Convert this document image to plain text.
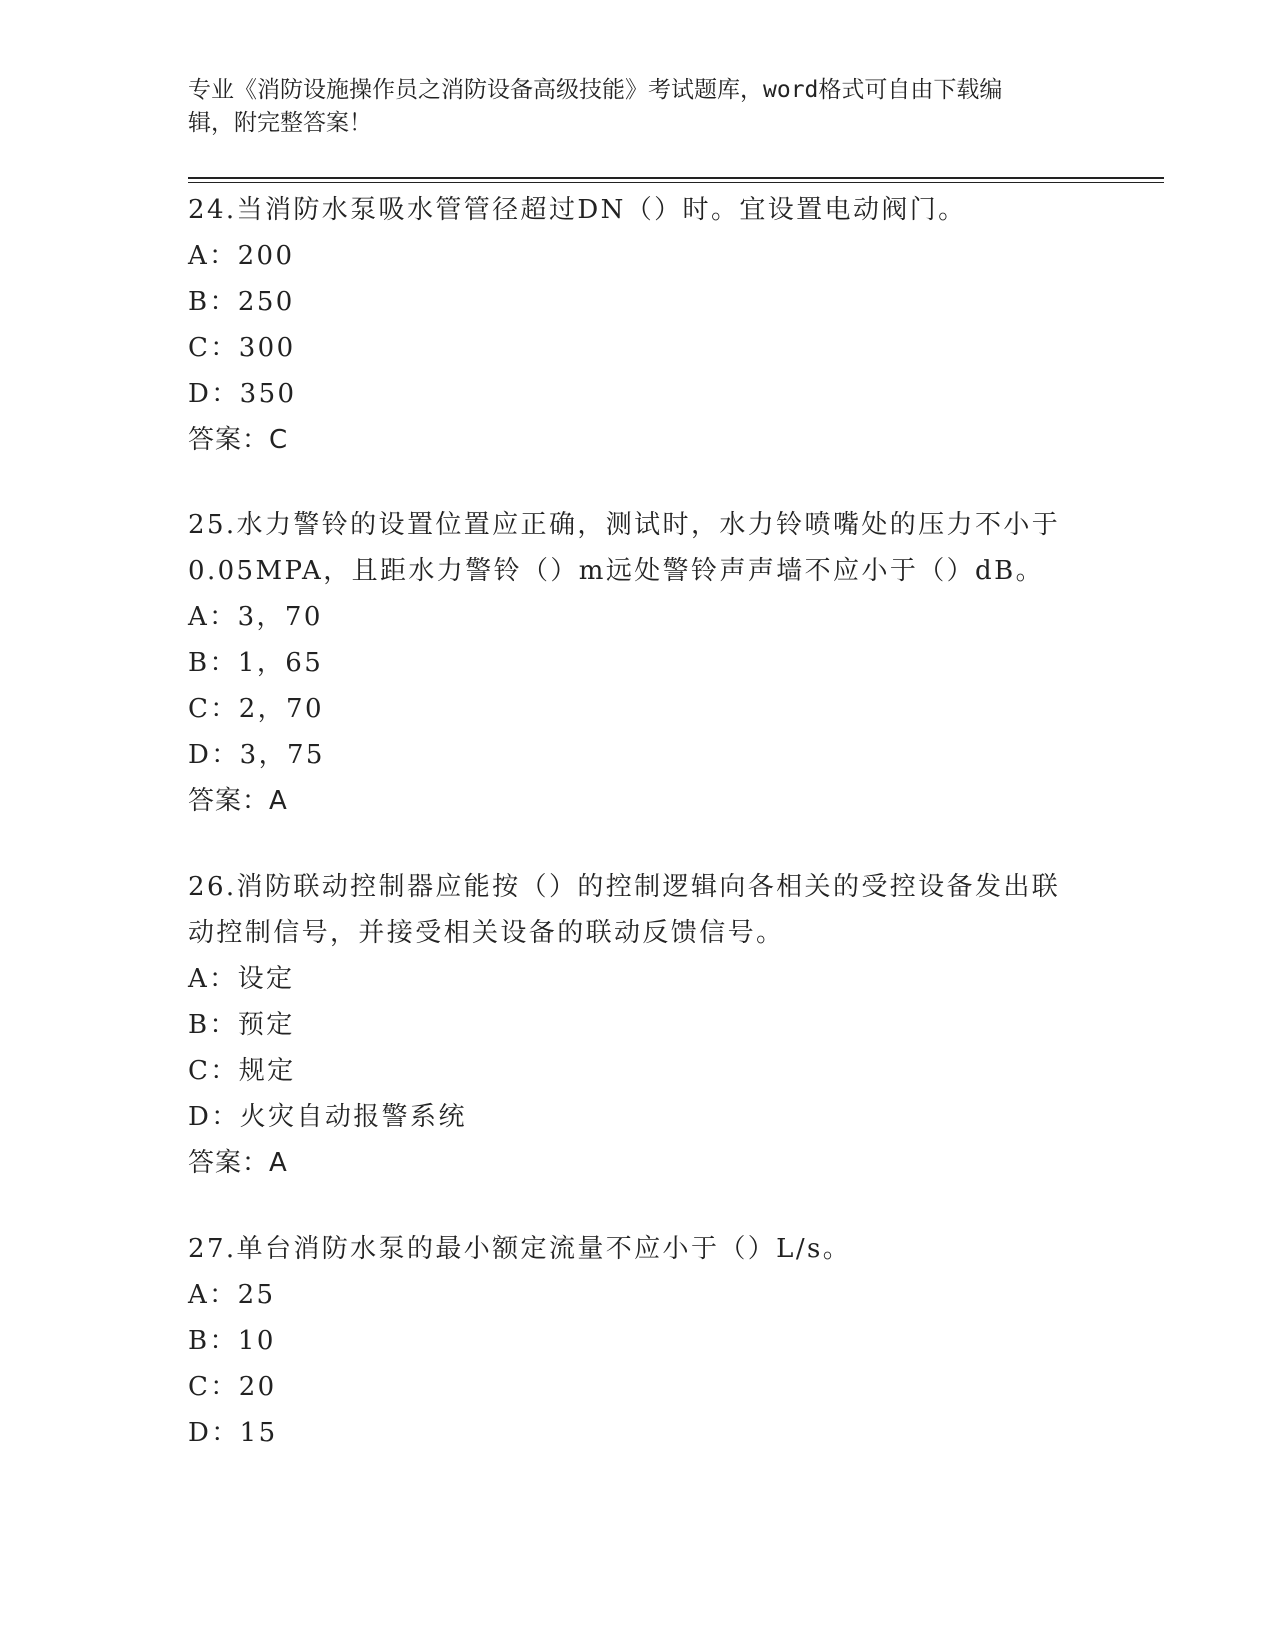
专业《消防设施操作员之消防设备高级技能》考试题库，word格式可自由下载编
辑，附完整答案！
24.当消防水泵吸水管管径超过DN（）时。宜设置电动阀门。
A：200
B：250
C：300
D：350
答案：C
25.水力警铃的设置位置应正确，测试时，水力铃喷嘴处的压力不小于
0.05MPA，且距水力警铃（）m远处警铃声声墙不应小于（）dB。
A：3，70
B：1，65
C：2，70
D：3，75
答案：A
26.消防联动控制器应能按（）的控制逻辑向各相关的受控设备发出联
动控制信号，并接受相关设备的联动反馈信号。
A：设定
B：预定
C：规定
D：火灾自动报警系统
答案：A
27.单台消防水泵的最小额定流量不应小于（）L/s。
A：25
B：10
C：20
D：15
